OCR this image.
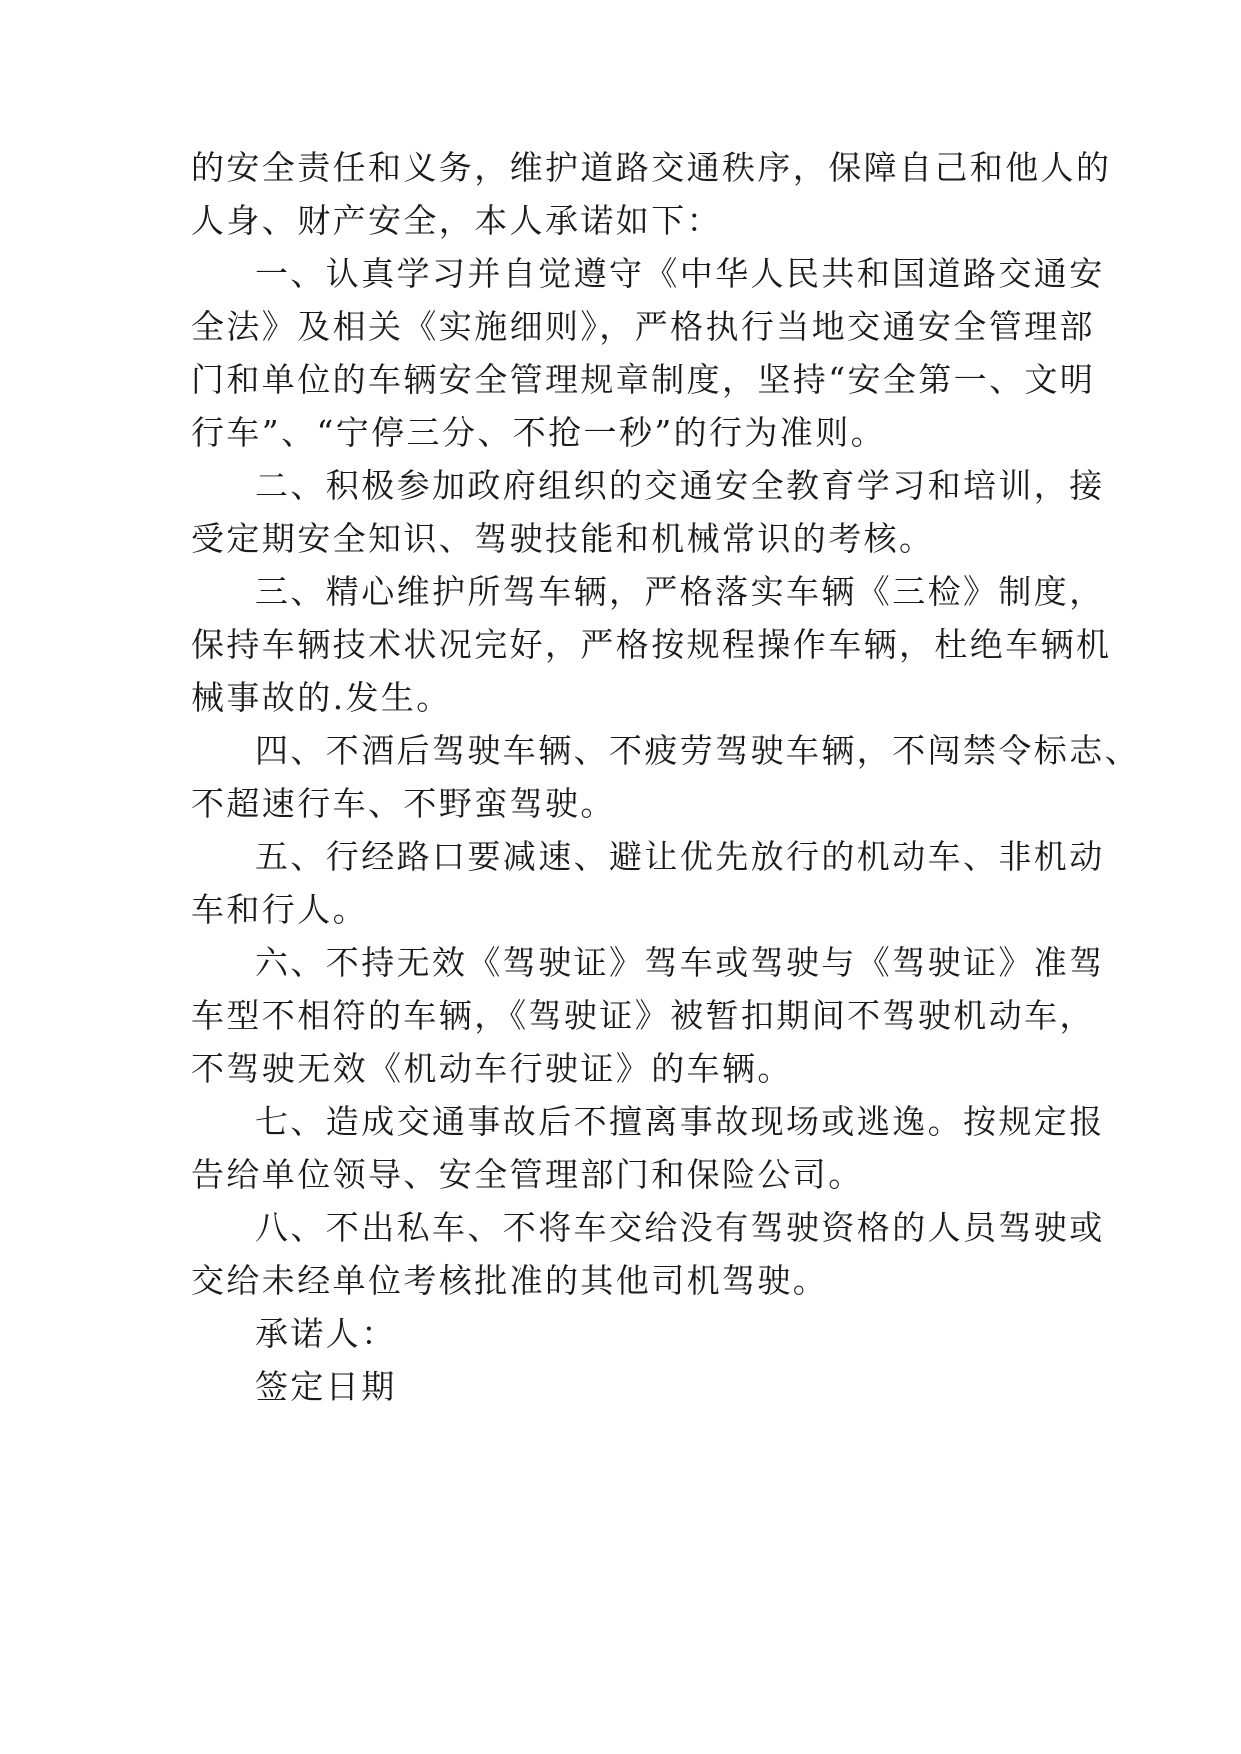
的安全责任和义务，维护道路交通秩序，保障自己和他人的
人身、财产安全，本人承诺如下：
一、认真学习并自觉遵守《中华人民共和国道路交通安
全法》及相关《实施细则》，严格执行当地交通安全管理部
门和单位的车辆安全管理规章制度，坚持“安全第一、文明
行车”、“宁停三分、不抢一秒”的行为准则。
二、积极参加政府组织的交通安全教育学习和培训，接
受定期安全知识、驾驶技能和机械常识的考核。
三、精心维护所驾车辆，严格落实车辆《三检》制度，
保持车辆技术状况完好，严格按规程操作车辆，杜绝车辆机
械事故的.发生。
四、不酒后驾驶车辆、不疲劳驾驶车辆，不闯禁令标志、
不超速行车、不野蛮驾驶。
五、行经路口要减速、避让优先放行的机动车、非机动
车和行人。
六、不持无效《驾驶证》驾车或驾驶与《驾驶证》准驾
车型不相符的车辆，《驾驶证》被暂扣期间不驾驶机动车，
不驾驶无效《机动车行驶证》的车辆。
七、造成交通事故后不擅离事故现场或逃逸。按规定报
告给单位领导、安全管理部门和保险公司。
八、不出私车、不将车交给没有驾驶资格的人员驾驶或
交给未经单位考核批准的其他司机驾驶。
承诺人：
签定日期
